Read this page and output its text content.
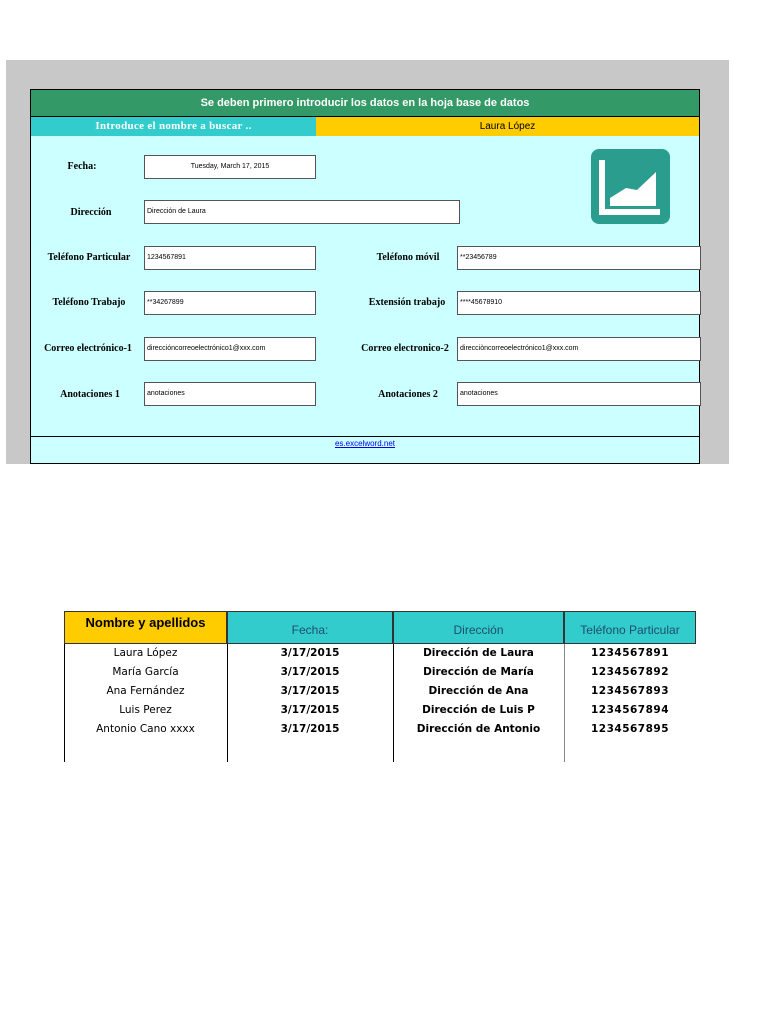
Se deben primero introducir los datos en la hoja base de datos
Introduce el nombre a buscar ..	Laura López
Fecha:	Tuesday, March 17, 2015
Dirección	Dirección de Laura
Teléfono Particular	1234567891	Teléfono móvil	**23456789
Teléfono Trabajo	**34267899	Extensión trabajo	****45678910
Correo electrónico-1	direccióncorreoelectrónico1@xxx.com	Correo electronico-2	direcciòncorreoelectrónico1@xxx.com
Anotaciones 1	anotaciones	Anotaciones 2	anotaciones
es.excelword.net
Nombre y apellidos	Fecha:	Dirección	Teléfono Particular
Laura López	3/17/2015	Dirección de Laura	1234567891
María García	3/17/2015	Dirección de María	1234567892
Ana Fernández	3/17/2015	Dirección de Ana	1234567893
Luis Perez	3/17/2015	Dirección de Luis P	1234567894
Antonio Cano xxxx	3/17/2015	Dirección de Antonio	1234567895
